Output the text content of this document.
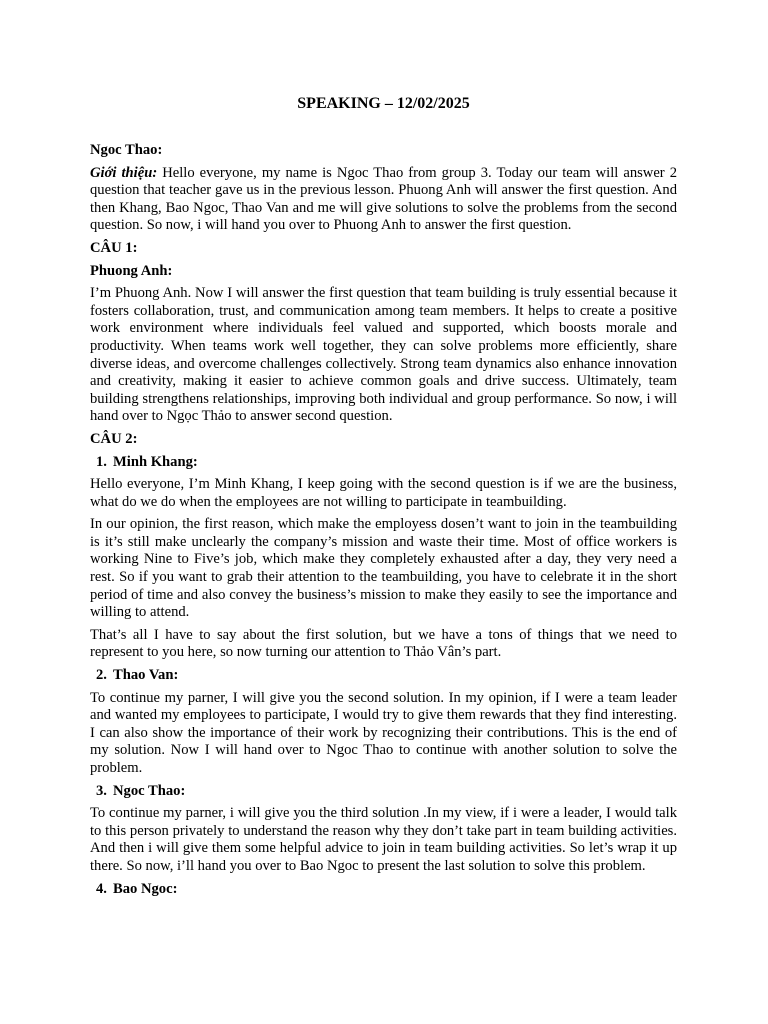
SPEAKING – 12/02/2025
Ngoc Thao:

Giới thiệu: Hello everyone, my name is Ngoc Thao from group 3. Today our team will answer 2 question that teacher gave us in the previous lesson. Phuong Anh will answer the first question. And then Khang, Bao Ngoc, Thao Van and me will give solutions to solve the problems from the second question. So now, i will hand you over to Phuong Anh to answer the first question.

CÂU 1:
Phuong Anh:

I’m Phuong Anh. Now I will answer the first question that team building is truly essential because it fosters collaboration, trust, and communication among team members. It helps to create a positive work environment where individuals feel valued and supported, which boosts morale and productivity. When teams work well together, they can solve problems more efficiently, share diverse ideas, and overcome challenges collectively. Strong team dynamics also enhance innovation and creativity, making it easier to achieve common goals and drive success. Ultimately, team building strengthens relationships, improving both individual and group performance. So now, i will hand over to Ngọc Thảo to answer second question.

CÂU 2:
1. Minh Khang:

Hello everyone, I’m Minh Khang, I keep going with the second question is if we are the business, what do we do when the employees are not willing to participate in teambuilding.

In our opinion, the first reason, which make the employess dosen’t want to join in the teambuilding is it’s still make unclearly the company’s mission and waste their time. Most of office workers is working Nine to Five’s job, which make they completely exhausted after a day, they very need a rest. So if you want to grab their attention to the teambuilding, you have to celebrate it in the short period of time and also convey the business’s mission to make they easily to see the importance and willing to attend.

That’s all I have to say about the first solution, but we have a tons of things that we need to represent to you here, so now turning our attention to Thảo Vân’s part.

2. Thao Van:

To continue my parner, I will give you the second solution. In my opinion, if I were a team leader and wanted my employees to participate, I would try to give them rewards that they find interesting. I can also show the importance of their work by recognizing their contributions. This is the end of my solution. Now I will hand over to Ngoc Thao to continue with another solution to solve the problem.

3. Ngoc Thao:

To continue my parner, i will give you the third solution .In my view, if i were a leader, I would talk to this person privately to understand the reason why they don’t take part in team building activities. And then i will give them some helpful advice to join in team building activities. So let’s wrap it up there. So now, i’ll hand you over to Bao Ngoc to present the last solution to solve this problem.

4. Bao Ngoc:
